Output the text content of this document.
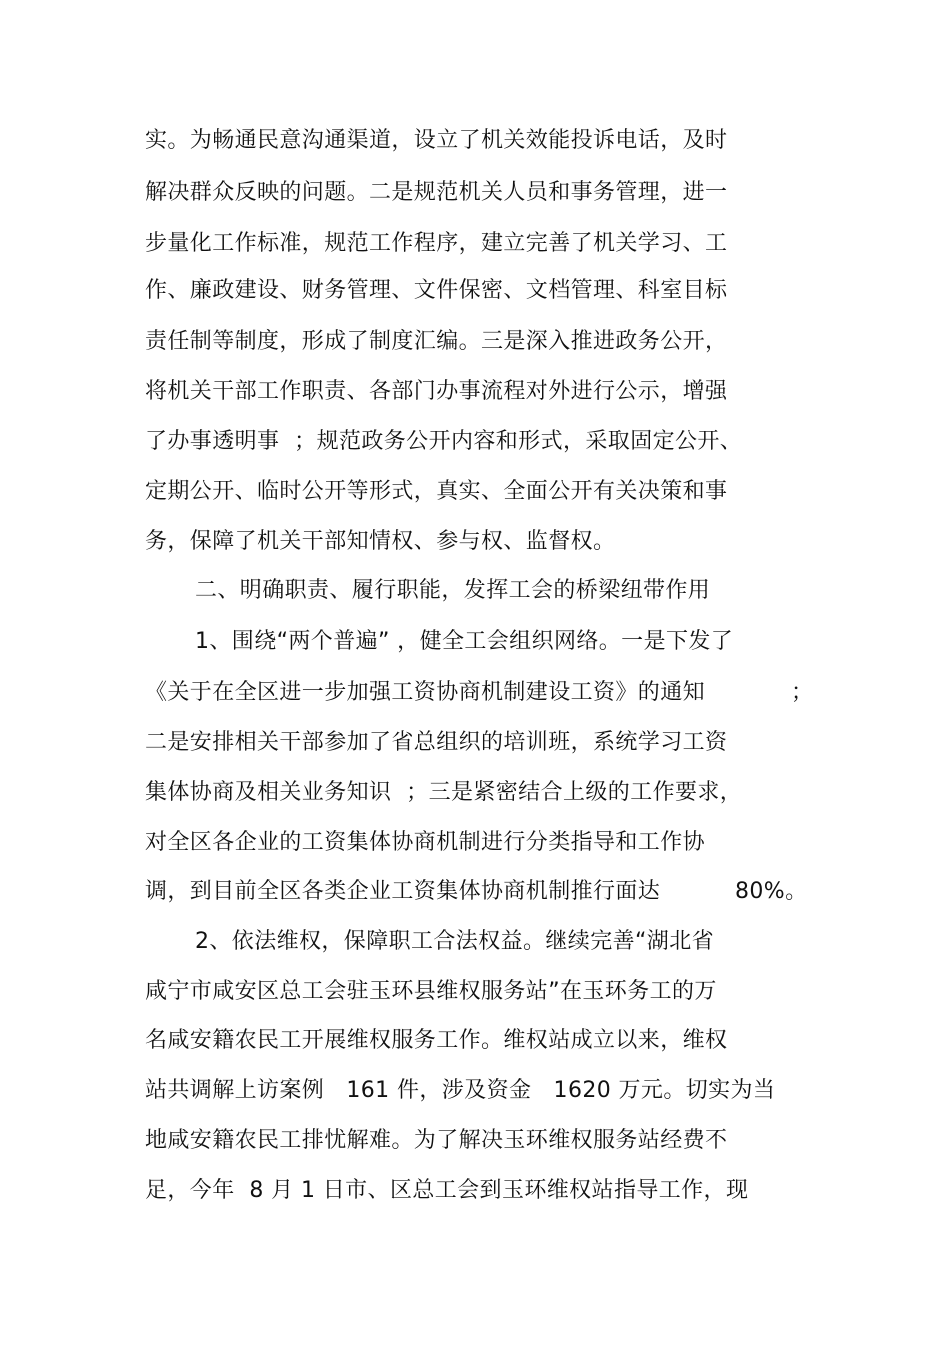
实。为畅通民意沟通渠道，设立了机关效能投诉电话，及时
解决群众反映的问题。二是规范机关人员和事务管理，进一
步量化工作标准，规范工作程序，建立完善了机关学习、工
作、廉政建设、财务管理、文件保密、文档管理、科室目标
责任制等制度，形成了制度汇编。三是深入推进政务公开，
将机关干部工作职责、各部门办事流程对外进行公示，增强
了办事透明事  ；规范政务公开内容和形式，采取固定公开、
定期公开、临时公开等形式，真实、全面公开有关决策和事
务，保障了机关干部知情权、参与权、监督权。
二、明确职责、履行职能，发挥工会的桥梁纽带作用
1、围绕“两个普遍” ，健全工会组织网络。一是下发了
《关于在全区进一步加强工资协商机制建设工资》的通知	；
二是安排相关干部参加了省总组织的培训班，系统学习工资
集体协商及相关业务知识  ；三是紧密结合上级的工作要求，
对全区各企业的工资集体协商机制进行分类指导和工作协
调，到目前全区各类企业工资集体协商机制推行面达	80%。
2、依法维权，保障职工合法权益。继续完善“湖北省
咸宁市咸安区总工会驻玉环县维权服务站”在玉环务工的万
名咸安籍农民工开展维权服务工作。维权站成立以来，维权
站共调解上访案例   161 件，涉及资金   1620 万元。切实为当
地咸安籍农民工排忧解难。为了解决玉环维权服务站经费不
足，今年  8 月 1 日市、区总工会到玉环维权站指导工作，现
